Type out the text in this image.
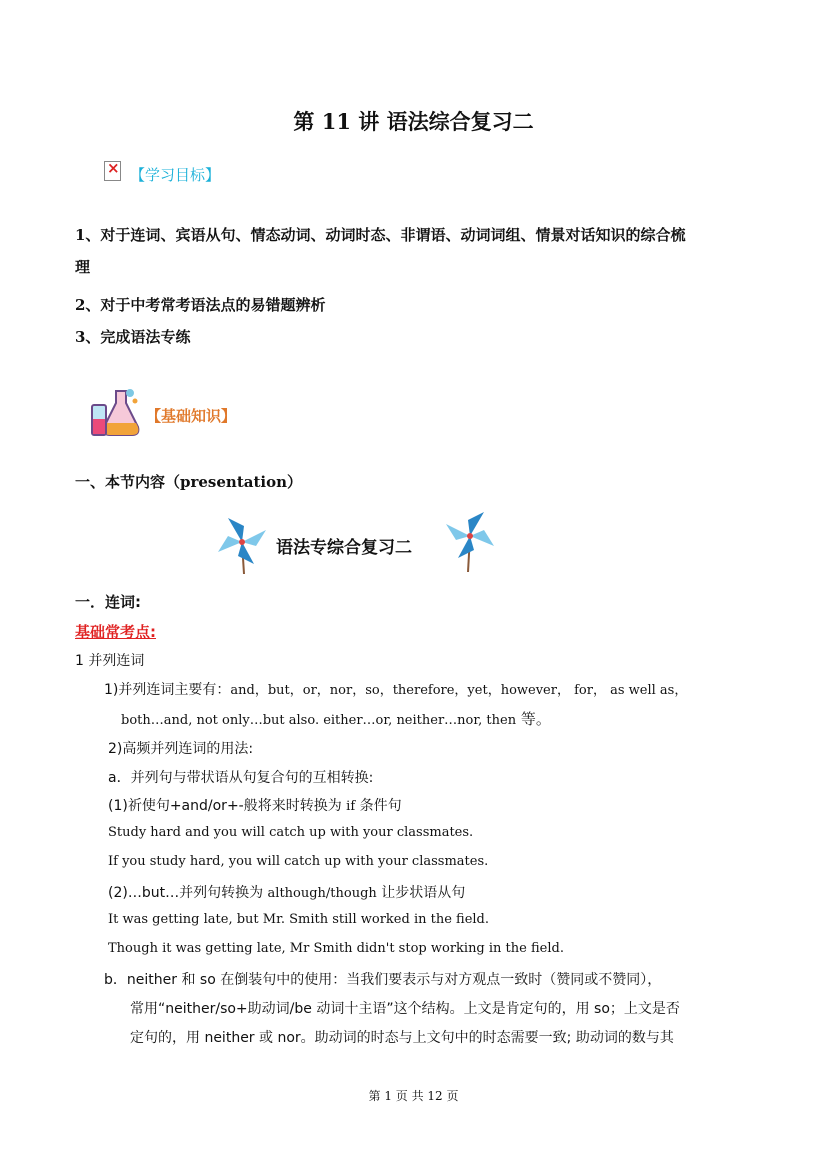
第 11 讲 语法综合复习二
×
【学习目标】
1、对于连词、宾语从句、情态动词、动词时态、非谓语、动词词组、情景对话知识的综合梳
理
2、对于中考常考语法点的易错题辨析
3、完成语法专练
【基础知识】
一、本节内容（presentation）
语法专综合复习二
一．连词:
基础常考点:
1 并列连词
1)并列连词主要有：and，but，or，nor，so，therefore，yet，however， for， as well as，
both…and, not only…but also. either…or, neither…nor, then 等。
2)高频并列连词的用法:
a．并列句与带状语从句复合句的互相转换:
(1)祈使句+and/or+-般将来时转换为 if 条件句
Study hard and you will catch up with your classmates.
If you study hard, you will catch up with your classmates.
(2)…but…并列句转换为 although/though 让步状语从句
It was getting late, but Mr. Smith still worked in the field.
Though it was getting late, Mr Smith didn't stop working in the field.
b．neither 和 so 在倒装句中的使用：当我们要表示与对方观点一致时（赞同或不赞同），
常用“neither/so+助动词/be 动词十主语”这个结构。上文是肯定句的，用 so；上文是否
定句的，用 neither 或 nor。助动词的时态与上文句中的时态需要一致; 助动词的数与其
第 1 页 共 12 页
